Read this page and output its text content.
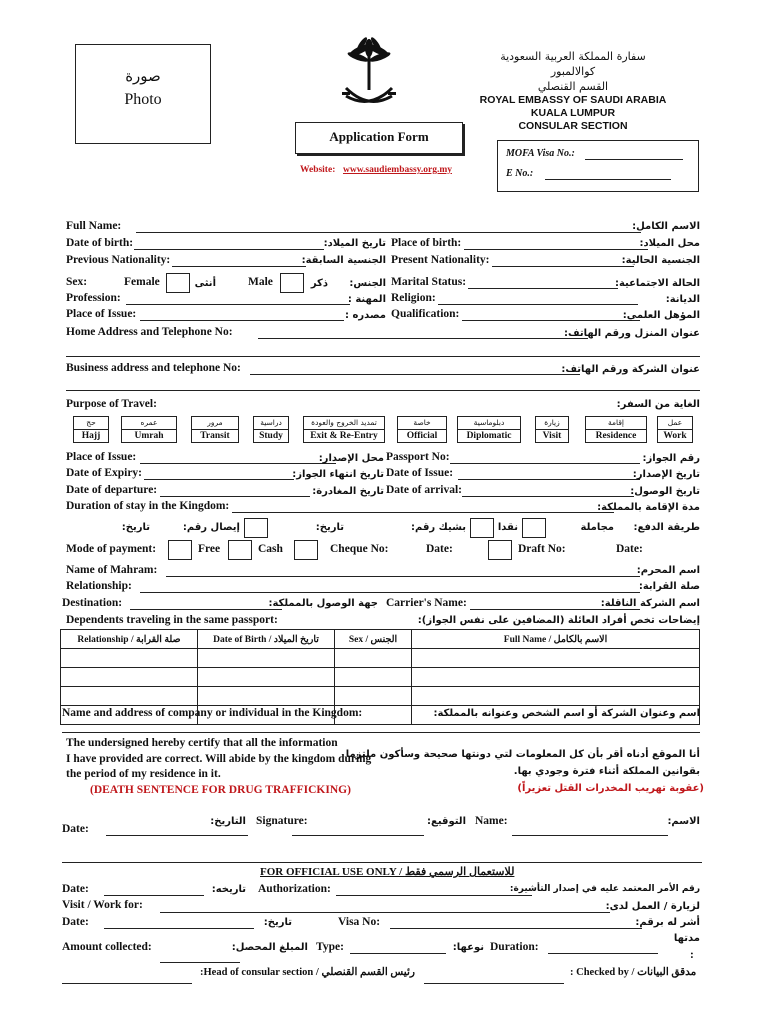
صورة
Photo
سفارة المملكة العربية السعودية
كوالالمبور
القسم القنصلي
ROYAL EMBASSY OF SAUDI ARABIA
KUALA LUMPUR
CONSULAR SECTION
Application Form
Website: www.saudiembassy.org.my
MOFA Visa No.:
E No.:
Full Name:	الاسم الكامل:
Date of birth:	تاريخ الميلاد: Place of birth:	محل الميلاد:
Previous Nationality:	الجنسية السابقة: Present Nationality:	الجنسية الحالية:
Sex:	Female	أنثى	Male	ذكر	الجنس: Marital Status:	الحالة الاجتماعية:
Profession:	المهنة : Religion:	الديانة:
Place of Issue:	مصدره : Qualification:	المؤهل العلمي:
Home Address and Telephone No:	عنوان المنزل ورقم الهاتف:
Business address and telephone No:	عنوان الشركة ورقم الهاتف:
Purpose of Travel:	الغاية من السفر:
حج
Hajj
عمره
Umrah
مرور
Transit
دراسية
Study
تمديد الخروج والعودة
Exit & Re-Entry
خاصة
Official
دبلوماسية
Diplomatic
زيارة
Visit
إقامة
Residence
عمل
Work
Place of Issue:	محل الإصدار: Passport No:	رقم الجواز:
Date of Expiry:	تاريخ انتهاء الجواز: Date of Issue:	تاريخ الإصدار:
Date of departure:	تاريخ المغادرة: Date of arrival:	تاريخ الوصول:
Duration of stay in the Kingdom:	مدة الإقامة بالمملكة:
تاريخ:	إيصال رقم:	تاريخ:	بشيك رقم:	نقدا	مجاملة طريقة الدفع:
Mode of payment:	Free	Cash	Cheque No:	Date:	Draft No:	Date:
Name of Mahram:	اسم المحرم:
Relationship:	صلة القرابة:
Destination:	جهة الوصول بالمملكة: Carrier's Name:	اسم الشركة الناقلة:
Dependents traveling in the same passport:	إيضاحات تخص أفراد العائلة (المضافين على نفس الجواز):
Relationship / صلة القرابة	Date of Birth / تاريخ الميلاد	Sex / الجنس	Full Name / الاسم بالكامل

Name and address of company or individual in the Kingdom:	اسم وعنوان الشركة أو اسم الشخص وعنوانه بالمملكة:
The undersigned hereby certify that all the information
I have provided are correct. Will abide by the kingdom during
the period of my residence in it.
(DEATH SENTENCE FOR DRUG TRAFFICKING)
أنا الموقع أدناه أقر بأن كل المعلومات لتي دونتها صحيحة وسأكون ملتزما
بقوانين المملكة أثناء فترة وجودي بها.
(عقوبة تهريب المخدرات القتل تعزيراً)
التاريخ:
Date:
Signature:	التوقيع: Name:	الاسم:
FOR OFFICIAL USE ONLY / للاستعمال الرسمي فقط
Date:	تاريخه: Authorization:	رقم الأمر المعتمد عليه في إصدار التأشيرة:
Visit / Work for:	لزيارة / العمل لدى:
Date:	تاريخ:	Visa No:	أشر له برقم:
مدتها
Amount collected:	المبلغ المحصل: Type:	نوعها: Duration:
:
:Head of consular section / رئيس القسم القنصلي	: Checked by / مدقق البيانات
